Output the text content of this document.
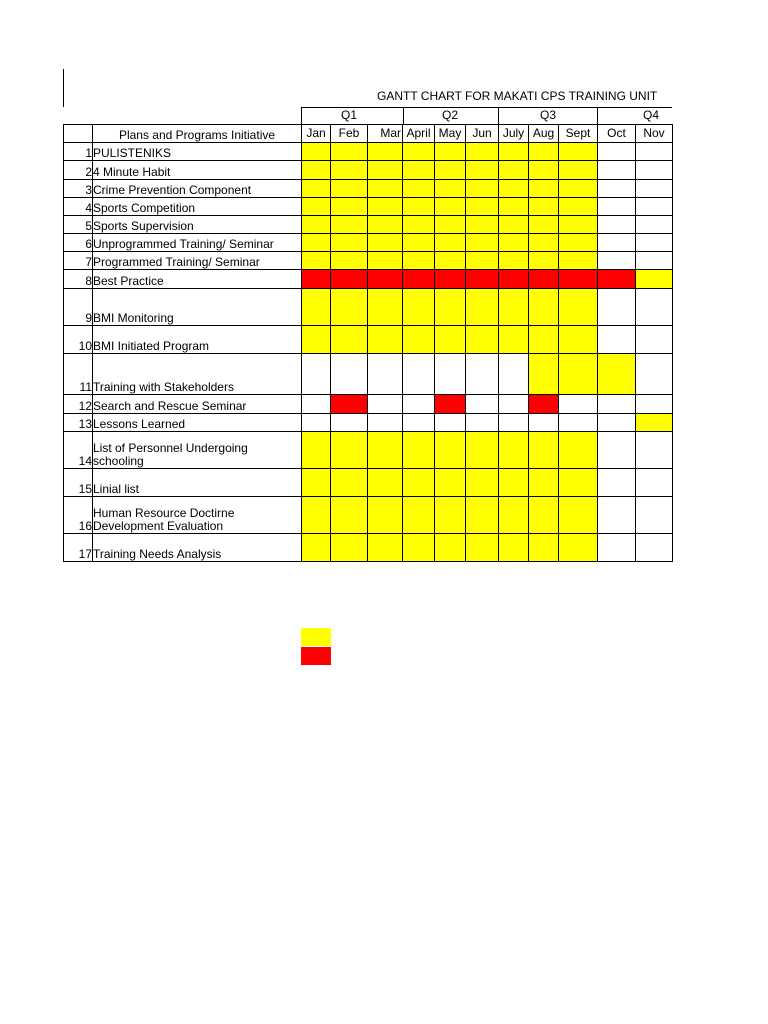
GANTT CHART FOR MAKATI CPS TRAINING UNIT
Q1	Q2	Q3	Q4
	Plans and Programs Initiative	Jan	Feb	Mar	April	May	Jun	July	Aug	Sept	Oct	Nov
1	PULISTENIKS											
2	4 Minute Habit											
3	Crime Prevention Component											
4	Sports Competition											
5	Sports Supervision											
6	Unprogrammed Training/ Seminar											
7	Programmed Training/ Seminar											
8	Best Practice											
9	BMI Monitoring											
10	BMI Initiated Program											
11	Training with Stakeholders											
12	Search and Rescue Seminar											
13	Lessons Learned											
14	List of Personnel Undergoing schooling											
15	Linial list											
16	Human Resource Doctirne Development Evaluation											
17	Training Needs Analysis											
